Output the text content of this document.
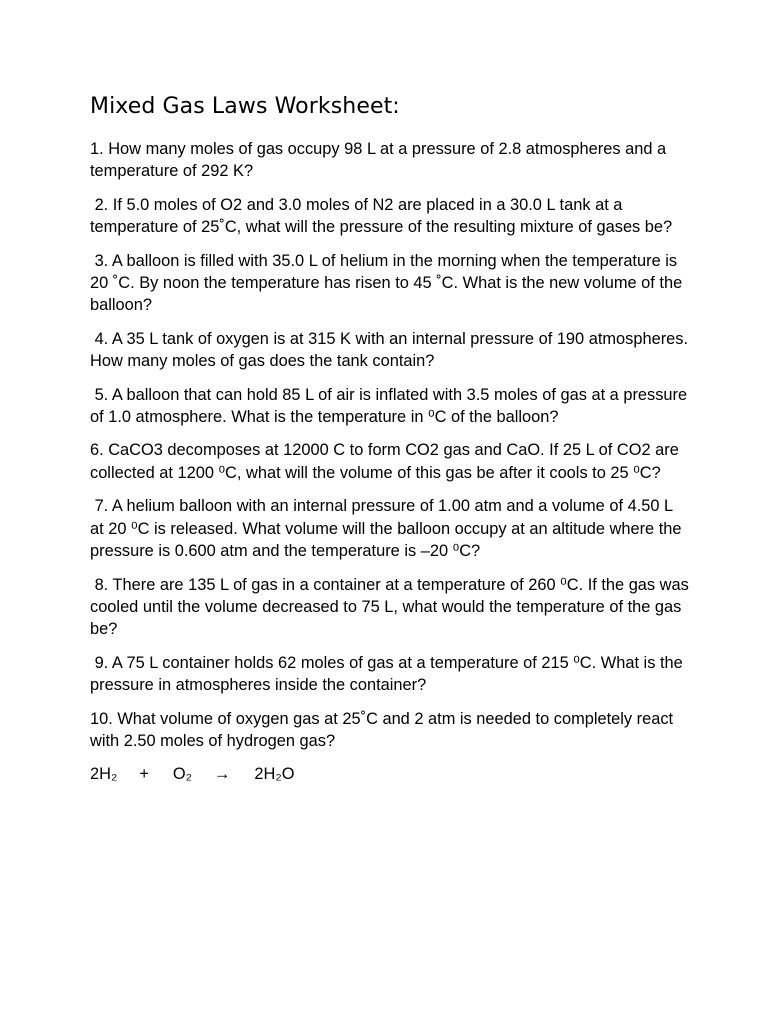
Mixed Gas Laws Worksheet:

1. How many moles of gas occupy 98 L at a pressure of 2.8 atmospheres and a temperature of 292 K?

2. If 5.0 moles of O2 and 3.0 moles of N2 are placed in a 30.0 L tank at a temperature of 25˚C, what will the pressure of the resulting mixture of gases be?

3. A balloon is filled with 35.0 L of helium in the morning when the temperature is 20 ˚C. By noon the temperature has risen to 45 ˚C. What is the new volume of the balloon?

4. A 35 L tank of oxygen is at 315 K with an internal pressure of 190 atmospheres. How many moles of gas does the tank contain?

5. A balloon that can hold 85 L of air is inflated with 3.5 moles of gas at a pressure of 1.0 atmosphere. What is the temperature in ⁰C of the balloon?

6. CaCO3 decomposes at 12000 C to form CO2 gas and CaO. If 25 L of CO2 are collected at 1200 ⁰C, what will the volume of this gas be after it cools to 25 ⁰C?

7. A helium balloon with an internal pressure of 1.00 atm and a volume of 4.50 L at 20 ⁰C is released. What volume will the balloon occupy at an altitude where the pressure is 0.600 atm and the temperature is –20 ⁰C?

8. There are 135 L of gas in a container at a temperature of 260 ⁰C. If the gas was cooled until the volume decreased to 75 L, what would the temperature of the gas be?

9. A 75 L container holds 62 moles of gas at a temperature of 215 ⁰C. What is the pressure in atmospheres inside the container?

10. What volume of oxygen gas at 25˚C and 2 atm is needed to completely react with 2.50 moles of hydrogen gas?

2H₂ + O₂ → 2H₂O
